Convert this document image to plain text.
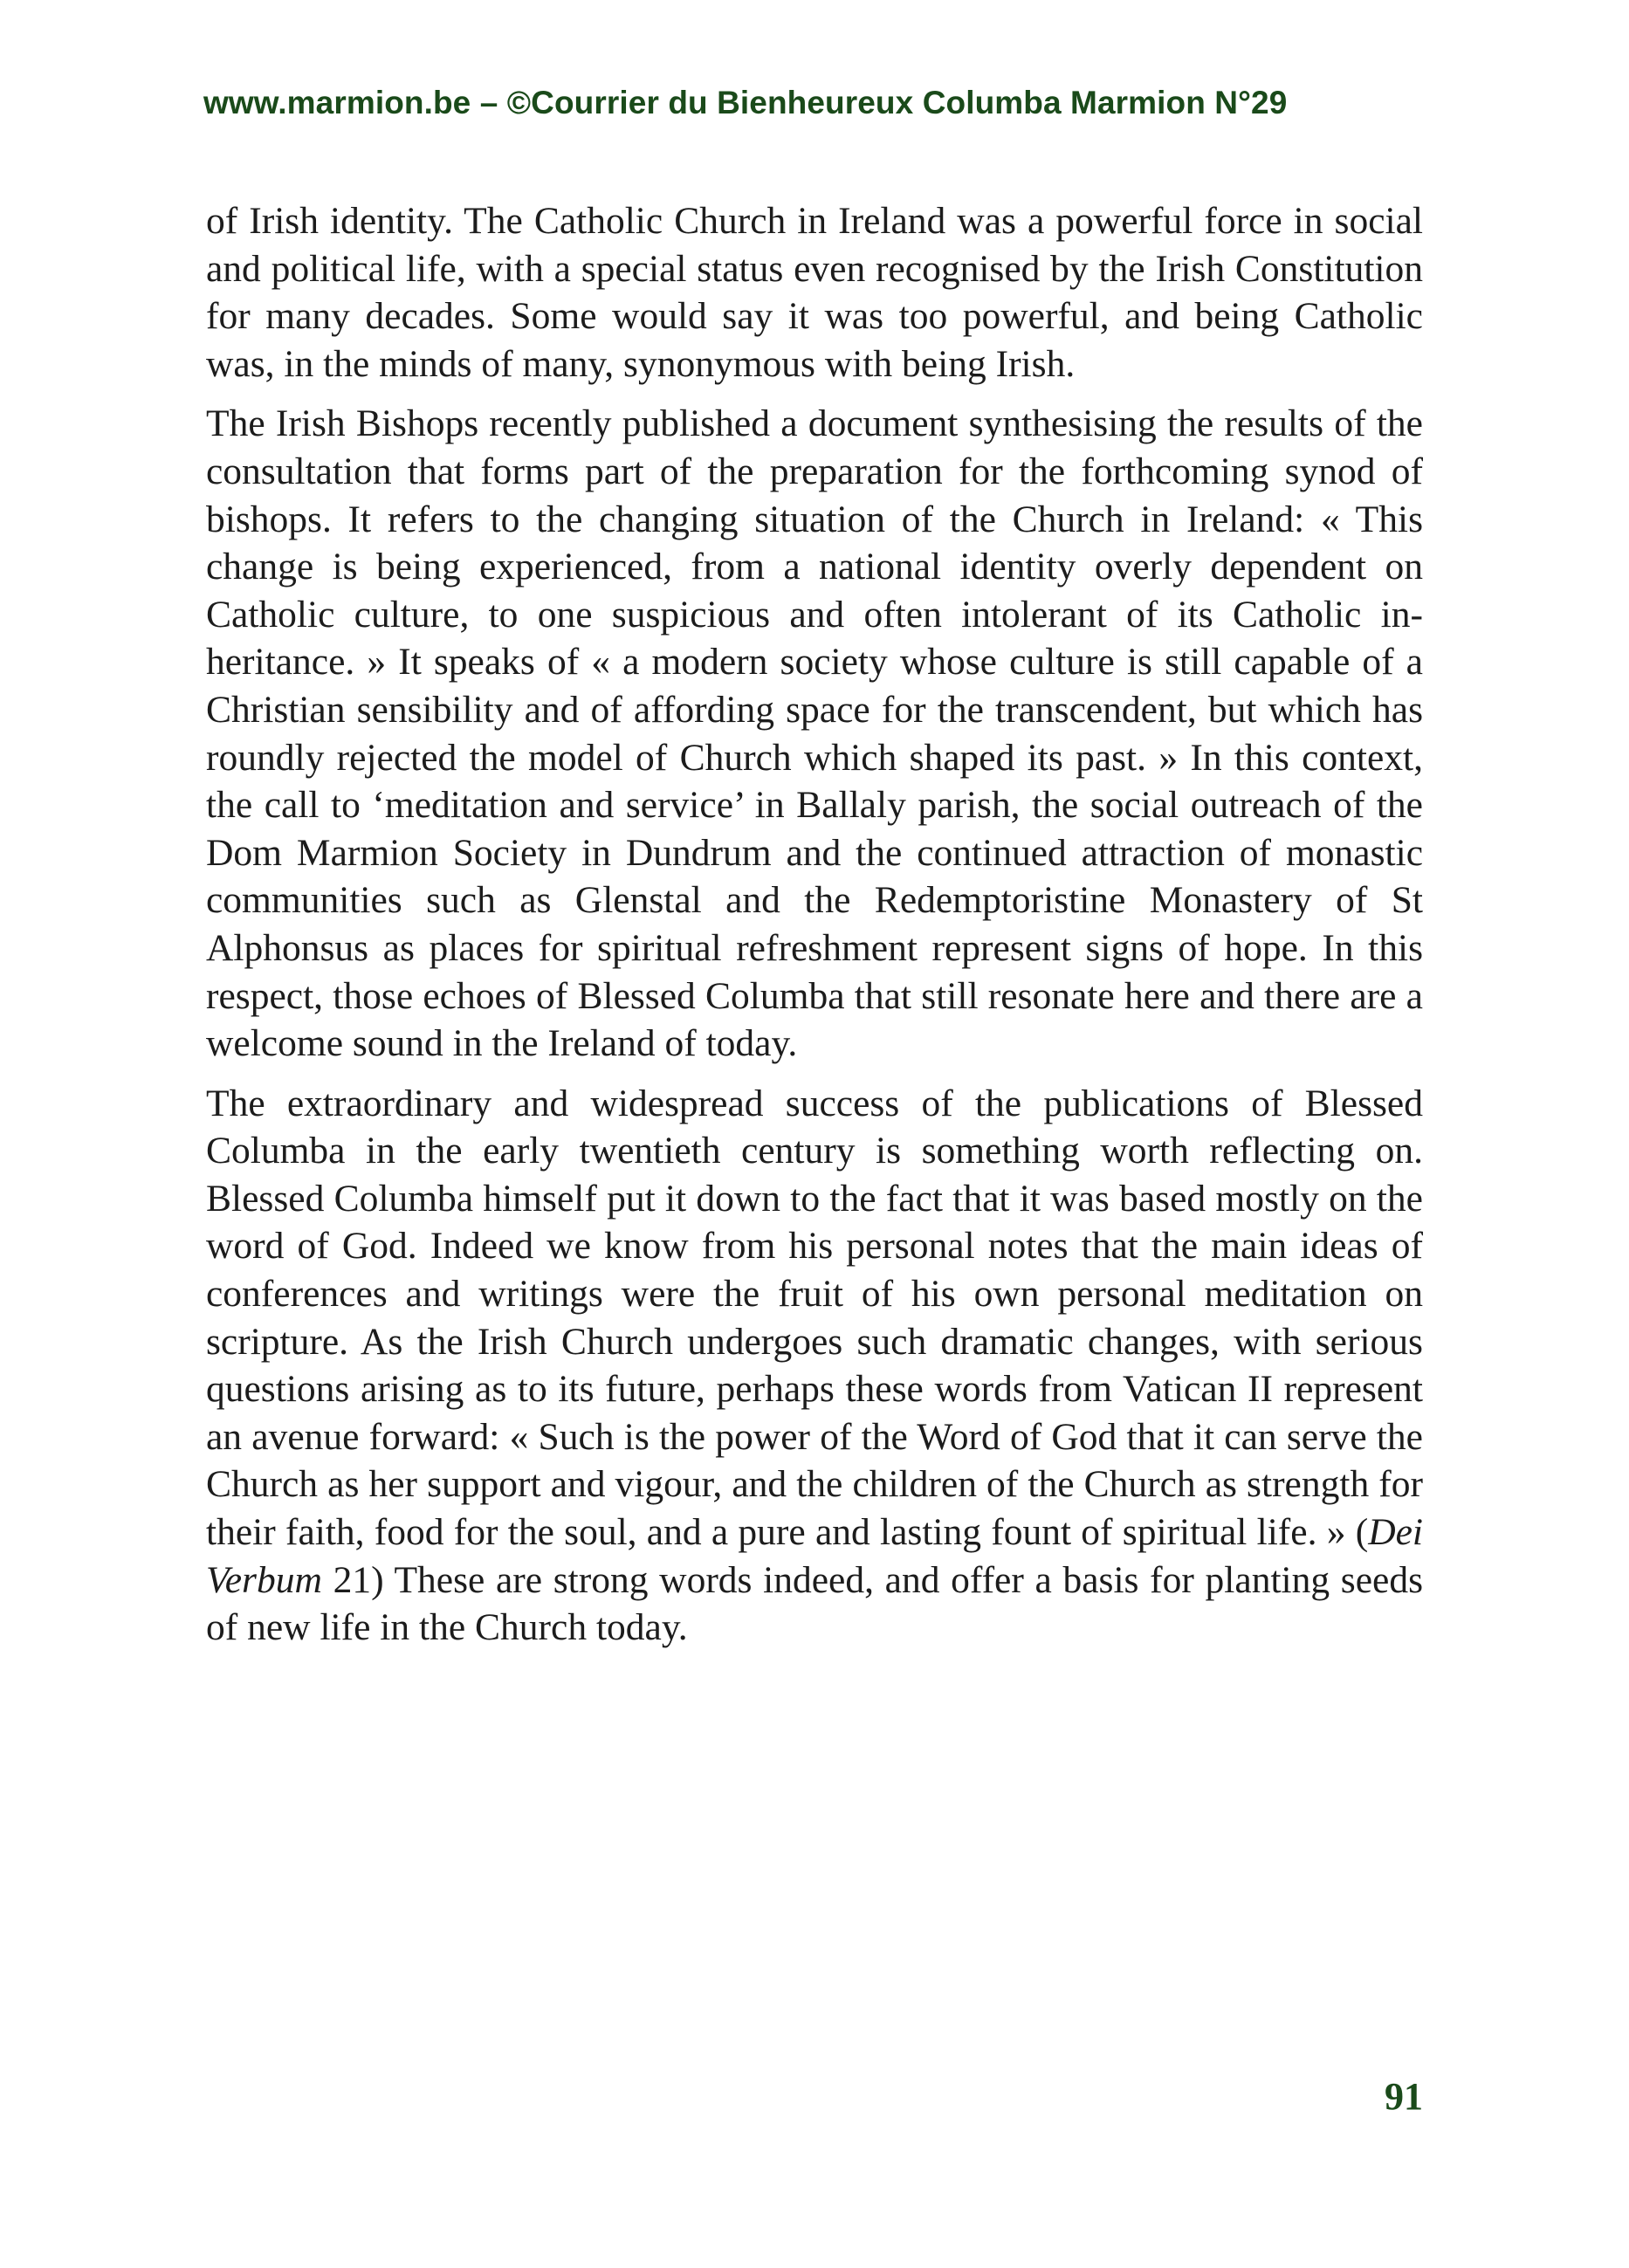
www.marmion.be – ©Courrier du Bienheureux Columba Marmion N°29

of Irish identity. The Catholic Church in Ireland was a powerful force in social and political life, with a special status even recognised by the Irish Constitution for many decades. Some would say it was too powerful, and being Catholic was, in the minds of many, synonymous with being Irish.

The Irish Bishops recently published a document synthesising the results of the consultation that forms part of the preparation for the forthcoming synod of bishops. It refers to the changing situation of the Church in Ireland: « This change is being experienced, from a national identity overly dependent on Catholic culture, to one suspicious and often intolerant of its Catholic inheritance. » It speaks of « a modern society whose culture is still capable of a Christian sensibility and of affording space for the transcendent, but which has roundly rejected the model of Church which shaped its past. » In this context, the call to ‘meditation and service’ in Ballaly parish, the social outreach of the Dom Marmion Society in Dundrum and the continued attraction of monastic communities such as Glenstal and the Redemptoristine Monastery of St Alphonsus as places for spiritual refreshment represent signs of hope. In this respect, those echoes of Blessed Columba that still resonate here and there are a welcome sound in the Ireland of today.

The extraordinary and widespread success of the publications of Blessed Columba in the early twentieth century is something worth reflecting on. Blessed Columba himself put it down to the fact that it was based mostly on the word of God. Indeed we know from his personal notes that the main ideas of conferences and writings were the fruit of his own personal meditation on scripture. As the Irish Church undergoes such dramatic changes, with serious questions arising as to its future, perhaps these words from Vatican II represent an avenue forward: « Such is the power of the Word of God that it can serve the Church as her support and vigour, and the children of the Church as strength for their faith, food for the soul, and a pure and lasting fount of spiritual life. » (Dei Verbum 21) These are strong words indeed, and offer a basis for planting seeds of new life in the Church today.

91
